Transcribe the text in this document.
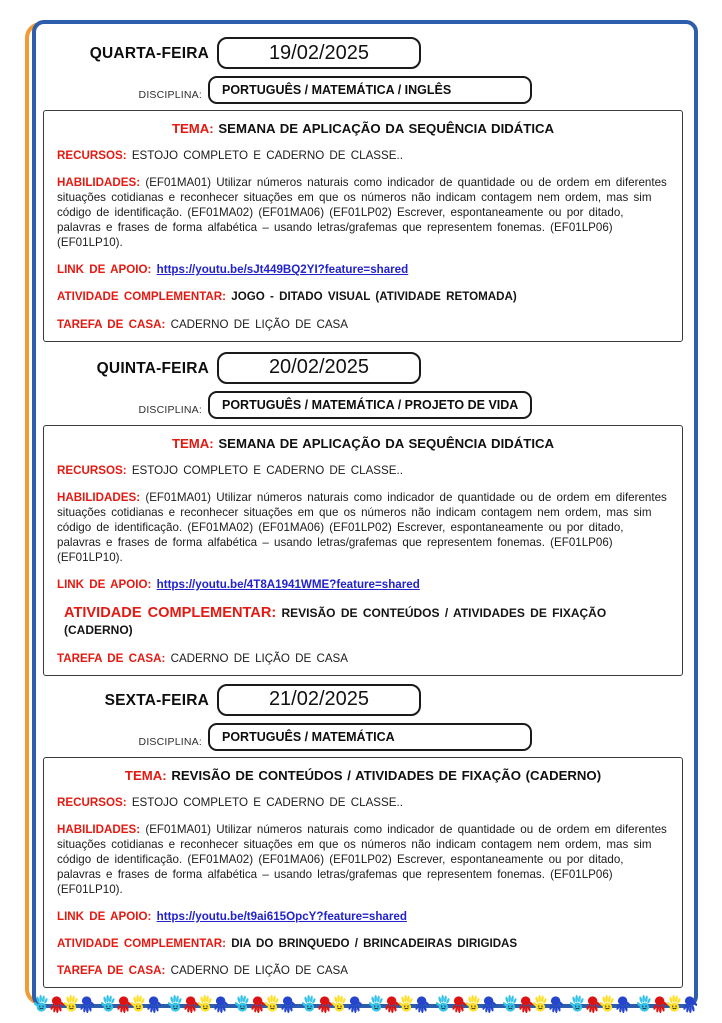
QUARTA-FEIRA	19/02/2025
DISCIPLINA: PORTUGUÊS / MATEMÁTICA / INGLÊS
TEMA: SEMANA DE APLICAÇÃO DA SEQUÊNCIA DIDÁTICA

RECURSOS: ESTOJO COMPLETO E CADERNO DE CLASSE..

HABILIDADES: (EF01MA01) Utilizar números naturais como indicador de quantidade ou de ordem em diferentes situações cotidianas e reconhecer situações em que os números não indicam contagem nem ordem, mas sim código de identificação. (EF01MA02) (EF01MA06) (EF01LP02) Escrever, espontaneamente ou por ditado, palavras e frases de forma alfabética – usando letras/grafemas que representem fonemas. (EF01LP06) (EF01LP10).

LINK DE APOIO: https://youtu.be/sJt449BQ2YI?feature=shared

ATIVIDADE COMPLEMENTAR: JOGO - DITADO VISUAL (ATIVIDADE RETOMADA)

TAREFA DE CASA: CADERNO DE LIÇÃO DE CASA

QUINTA-FEIRA	20/02/2025
DISCIPLINA: PORTUGUÊS / MATEMÁTICA / PROJETO DE VIDA
TEMA: SEMANA DE APLICAÇÃO DA SEQUÊNCIA DIDÁTICA

RECURSOS: ESTOJO COMPLETO E CADERNO DE CLASSE..

HABILIDADES: (EF01MA01) Utilizar números naturais como indicador de quantidade ou de ordem em diferentes situações cotidianas e reconhecer situações em que os números não indicam contagem nem ordem, mas sim código de identificação. (EF01MA02) (EF01MA06) (EF01LP02) Escrever, espontaneamente ou por ditado, palavras e frases de forma alfabética – usando letras/grafemas que representem fonemas. (EF01LP06) (EF01LP10).

LINK DE APOIO: https://youtu.be/4T8A1941WME?feature=shared

ATIVIDADE COMPLEMENTAR: REVISÃO DE CONTEÚDOS / ATIVIDADES DE FIXAÇÃO (CADERNO)

TAREFA DE CASA: CADERNO DE LIÇÃO DE CASA

SEXTA-FEIRA	21/02/2025
DISCIPLINA: PORTUGUÊS / MATEMÁTICA
TEMA: REVISÃO DE CONTEÚDOS / ATIVIDADES DE FIXAÇÃO (CADERNO)

RECURSOS: ESTOJO COMPLETO E CADERNO DE CLASSE..

HABILIDADES: (EF01MA01) Utilizar números naturais como indicador de quantidade ou de ordem em diferentes situações cotidianas e reconhecer situações em que os números não indicam contagem nem ordem, mas sim código de identificação. (EF01MA02) (EF01MA06) (EF01LP02) Escrever, espontaneamente ou por ditado, palavras e frases de forma alfabética – usando letras/grafemas que representem fonemas. (EF01LP06) (EF01LP10).

LINK DE APOIO: https://youtu.be/t9ai615OpcY?feature=shared

ATIVIDADE COMPLEMENTAR: DIA DO BRINQUEDO / BRINCADEIRAS DIRIGIDAS

TAREFA DE CASA: CADERNO DE LIÇÃO DE CASA
